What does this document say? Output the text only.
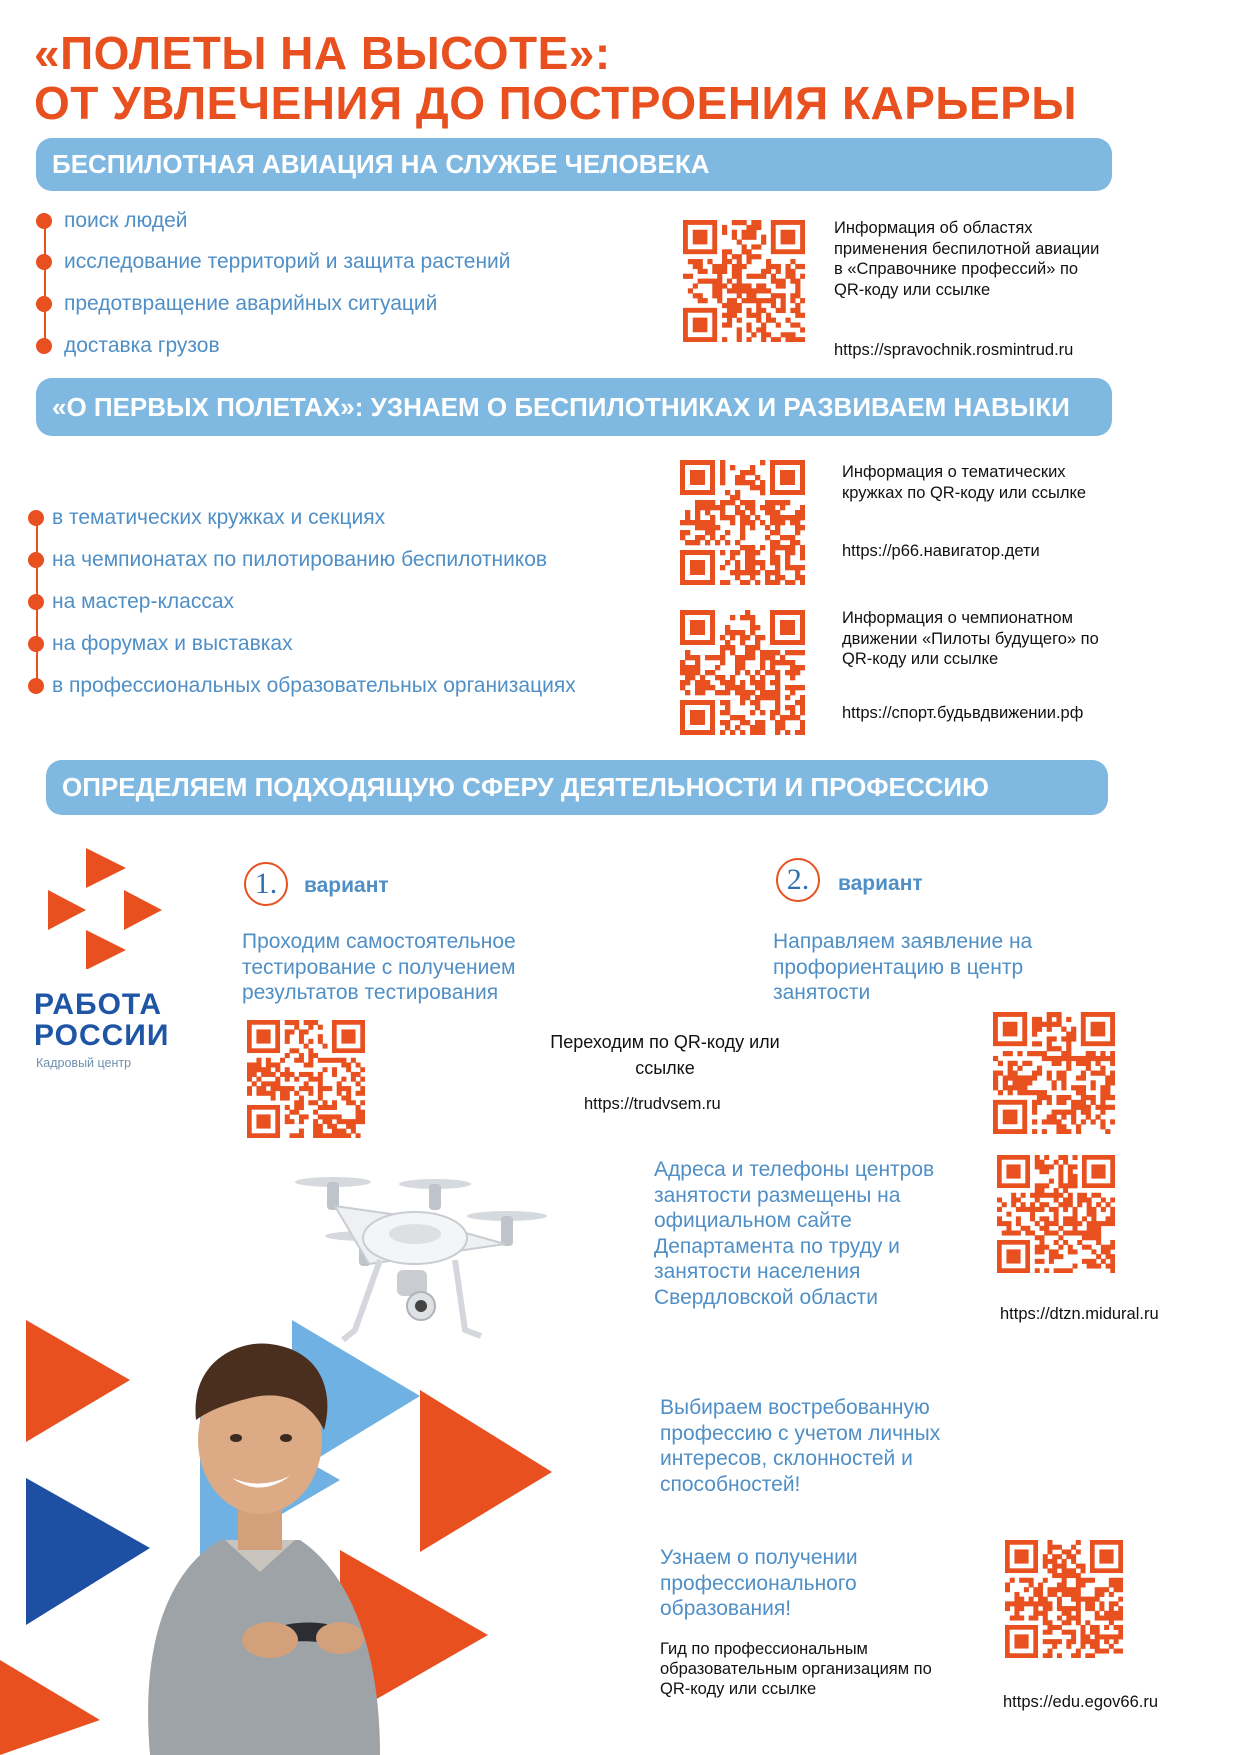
«ПОЛЕТЫ НА ВЫСОТЕ»:
ОТ УВЛЕЧЕНИЯ ДО ПОСТРОЕНИЯ КАРЬЕРЫ
БЕСПИЛОТНАЯ АВИАЦИЯ НА СЛУЖБЕ ЧЕЛОВЕКА
поиск людей
исследование территорий и защита растений
предотвращение аварийных ситуаций
доставка грузов
Информация об областях применения беспилотной авиации в «Справочнике профессий» по QR-коду или ссылке
https://spravochnik.rosmintrud.ru
«О ПЕРВЫХ ПОЛЕТАХ»: УЗНАЕМ О БЕСПИЛОТНИКАХ И РАЗВИВАЕМ НАВЫКИ
в тематических кружках и секциях
на чемпионатах по пилотированию беспилотников
на мастер-классах
на форумах и выставках
в профессиональных образовательных организациях
Информация о тематических кружках по QR-коду или ссылке
https://р66.навигатор.дети
Информация о чемпионатном движении «Пилоты будущего» по QR-коду или ссылке
https://спорт.будьвдвижении.рф
ОПРЕДЕЛЯЕМ ПОДХОДЯЩУЮ СФЕРУ ДЕЯТЕЛЬНОСТИ И ПРОФЕССИЮ
РАБОТА
РОССИИ
Кадровый центр
1.	вариант
Проходим самостоятельное тестирование с получением результатов тестирования
Переходим по QR-коду или ссылке
https://trudvsem.ru
2.	вариант
Направляем заявление на профориентацию в центр занятости
Адреса и телефоны центров занятости размещены на официальном сайте Департамента по труду и занятости населения Свердловской области
https://dtzn.midural.ru
Выбираем востребованную профессию с учетом личных интересов, склонностей и способностей!
Узнаем о получении профессионального образования!
Гид по профессиональным образовательным организациям по QR-коду или ссылке
https://edu.egov66.ru
